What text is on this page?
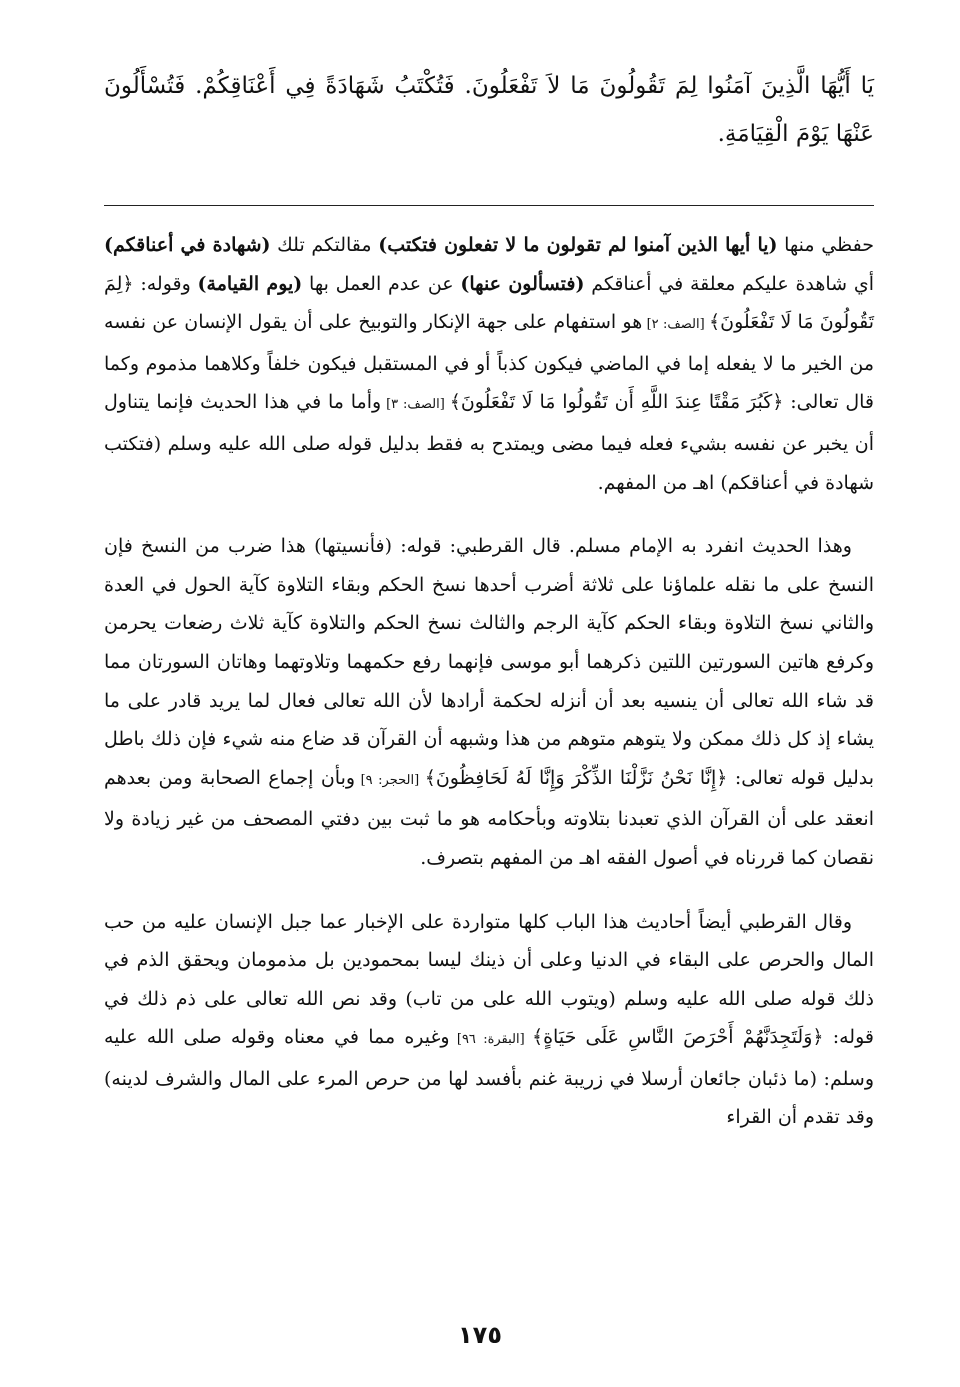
يَا أَيُّهَا الَّذِينَ آمَنُوا لِمَ تَقُولُونَ مَا لاَ تَفْعَلُونَ. فَتُكْتَبُ شَهَادَةً فِي أَعْنَاقِكُمْ. فَتُسْأَلُونَ عَنْهَا يَوْمَ الْقِيَامَةِ.

حفظي منها (يا أيها الذين آمنوا لم تقولون ما لا تفعلون فتكتب) مقالتكم تلك (شهادة في أعناقكم) أي شاهدة عليكم معلقة في أعناقكم (فتسألون عنها) عن عدم العمل بها (يوم القيامة) وقوله: ﴿لِمَ تَقُولُونَ مَا لَا تَفْعَلُونَ﴾ [الصف: ٢] هو استفهام على جهة الإنكار والتوبيخ على أن يقول الإنسان عن نفسه من الخير ما لا يفعله إما في الماضي فيكون كذباً أو في المستقبل فيكون خلفاً وكلاهما مذموم وكما قال تعالى: ﴿كَبُرَ مَقْتًا عِندَ اللَّهِ أَن تَقُولُوا مَا لَا تَفْعَلُونَ﴾ [الصف: ٣] وأما ما في هذا الحديث فإنما يتناول أن يخبر عن نفسه بشيء فعله فيما مضى ويمتدح به فقط بدليل قوله صلى الله عليه وسلم (فتكتب شهادة في أعناقكم) اهـ من المفهم.

وهذا الحديث انفرد به الإمام مسلم. قال القرطبي: قوله: (فأنسيتها) هذا ضرب من النسخ فإن النسخ على ما نقله علماؤنا على ثلاثة أضرب أحدها نسخ الحكم وبقاء التلاوة كآية الحول في العدة والثاني نسخ التلاوة وبقاء الحكم كآية الرجم والثالث نسخ الحكم والتلاوة كآية ثلاث رضعات يحرمن وكرفع هاتين السورتين اللتين ذكرهما أبو موسى فإنهما رفع حكمهما وتلاوتهما وهاتان السورتان مما قد شاء الله تعالى أن ينسيه بعد أن أنزله لحكمة أرادها لأن الله تعالى فعال لما يريد قادر على ما يشاء إذ كل ذلك ممكن ولا يتوهم متوهم من هذا وشبهه أن القرآن قد ضاع منه شيء فإن ذلك باطل بدليل قوله تعالى: ﴿إِنَّا نَحْنُ نَزَّلْنَا الذِّكْرَ وَإِنَّا لَهُ لَحَافِظُونَ﴾ [الحجر: ٩] وبأن إجماع الصحابة ومن بعدهم انعقد على أن القرآن الذي تعبدنا بتلاوته وبأحكامه هو ما ثبت بين دفتي المصحف من غير زيادة ولا نقصان كما قررناه في أصول الفقه اهـ من المفهم بتصرف.

وقال القرطبي أيضاً أحاديث هذا الباب كلها متواردة على الإخبار عما جبل الإنسان عليه من حب المال والحرص على البقاء في الدنيا وعلى أن ذينك ليسا بمحمودين بل مذمومان ويحقق الذم في ذلك قوله صلى الله عليه وسلم (ويتوب الله على من تاب) وقد نص الله تعالى على ذم ذلك في قوله: ﴿وَلَتَجِدَنَّهُمْ أَحْرَصَ النَّاسِ عَلَى حَيَاةٍ﴾ [البقرة: ٩٦] وغيره مما في معناه وقوله صلى الله عليه وسلم: (ما ذئبان جائعان أرسلا في زريبة غنم بأفسد لها من حرص المرء على المال والشرف لدينه) وقد تقدم أن القراء

١٧٥
